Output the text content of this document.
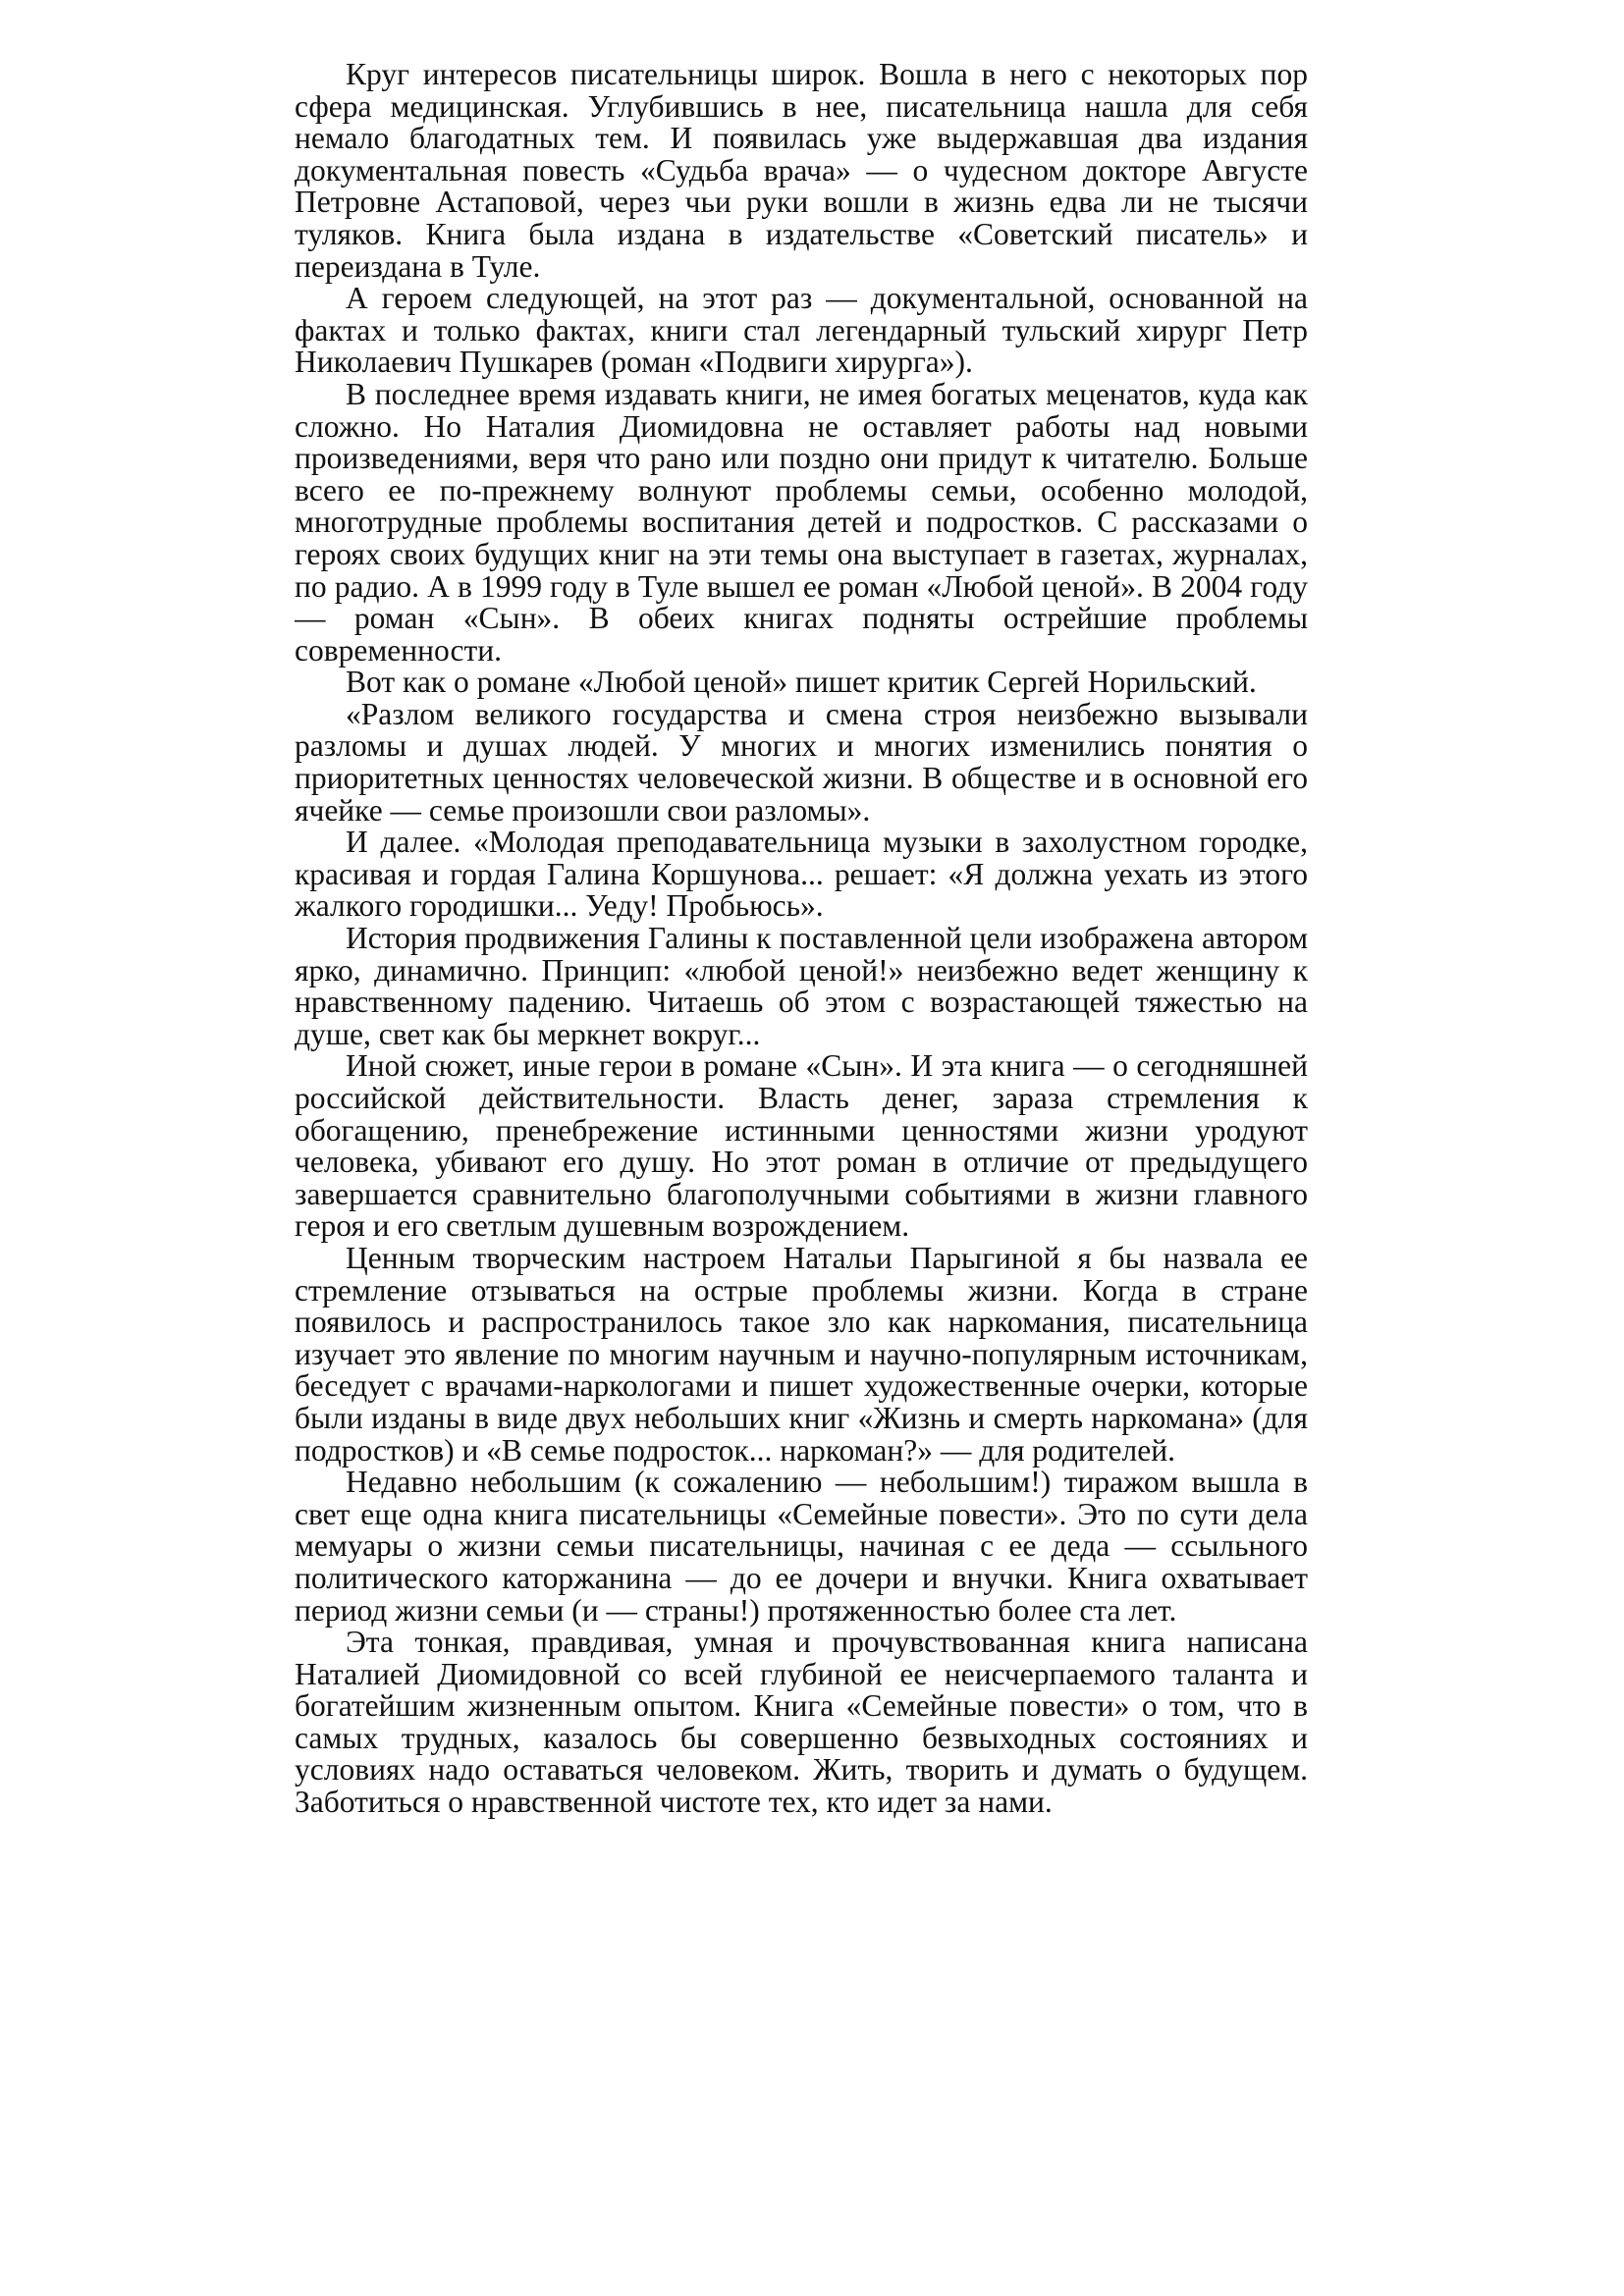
Круг интересов писательницы широк. Вошла в него с некоторых пор сфера медицинская. Углубившись в нее, писательница нашла для себя немало благодатных тем. И появилась уже выдержавшая два издания документальная повесть «Судьба врача» — о чудесном докторе Августе Петровне Астаповой, через чьи руки вошли в жизнь едва ли не тысячи туляков. Книга была издана в издательстве «Советский писатель» и переиздана в Туле.

А героем следующей, на этот раз — документальной, основанной на фактах и только фактах, книги стал легендарный тульский хирург Петр Николаевич Пушкарев (роман «Подвиги хирурга»).

В последнее время издавать книги, не имея богатых меценатов, куда как сложно. Но Наталия Диомидовна не оставляет работы над новыми произведениями, веря что рано или поздно они придут к читателю. Больше всего ее по-прежнему волнуют проблемы семьи, особенно молодой, многотрудные проблемы воспитания детей и подростков. С рассказами о героях своих будущих книг на эти темы она выступает в газетах, журналах, по радио. А в 1999 году в Туле вышел ее роман «Любой ценой». В 2004 году — роман «Сын». В обеих книгах подняты острейшие проблемы современности.

Вот как о романе «Любой ценой» пишет критик Сергей Норильский.

«Разлом великого государства и смена строя неизбежно вызывали разломы и душах людей. У многих и многих изменились понятия о приоритетных ценностях человеческой жизни. В обществе и в основной его ячейке — семье произошли свои разломы».

И далее. «Молодая преподавательница музыки в захолустном городке, красивая и гордая Галина Коршунова... решает: «Я должна уехать из этого жалкого городишки... Уеду! Пробьюсь».

История продвижения Галины к поставленной цели изображена автором ярко, динамично. Принцип: «любой ценой!» неизбежно ведет женщину к нравственному падению. Читаешь об этом с возрастающей тяжестью на душе, свет как бы меркнет вокруг...

Иной сюжет, иные герои в романе «Сын». И эта книга — о сегодняшней российской действительности. Власть денег, зараза стремления к обогащению, пренебрежение истинными ценностями жизни уродуют человека, убивают его душу. Но этот роман в отличие от предыдущего завершается сравнительно благополучными событиями в жизни главного героя и его светлым душевным возрождением.

Ценным творческим настроем Натальи Парыгиной я бы назвала ее стремление отзываться на острые проблемы жизни. Когда в стране появилось и распространилось такое зло как наркомания, писательница изучает это явление по многим научным и научно-популярным источникам, беседует с врачами-наркологами и пишет художественные очерки, которые были изданы в виде двух небольших книг «Жизнь и смерть наркомана» (для подростков) и «В семье подросток... наркоман?» — для родителей.

Недавно небольшим (к сожалению — небольшим!) тиражом вышла в свет еще одна книга писательницы «Семейные повести». Это по сути дела мемуары о жизни семьи писательницы, начиная с ее деда — ссыльного политического каторжанина — до ее дочери и внучки. Книга охватывает период жизни семьи (и — страны!) протяженностью более ста лет.

Эта тонкая, правдивая, умная и прочувствованная книга написана Наталией Диомидовной со всей глубиной ее неисчерпаемого таланта и богатейшим жизненным опытом. Книга «Семейные повести» о том, что в самых трудных, казалось бы совершенно безвыходных состояниях и условиях надо оставаться человеком. Жить, творить и думать о будущем. Заботиться о нравственной чистоте тех, кто идет за нами.
